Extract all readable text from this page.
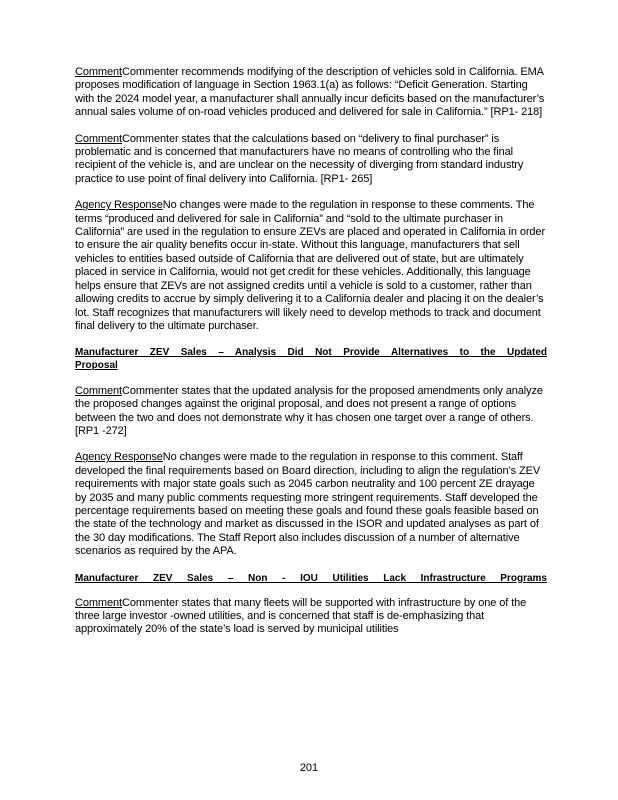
CommentCommenter recommends modifying of the description of vehicles sold in California. EMA proposes modification of language in Section 1963.1(a) as follows: “Deficit Generation. Starting with the 2024 model year, a manufacturer shall annually incur deficits based on the manufacturer’s annual sales volume of on-road vehicles produced and delivered for sale in California.” [RP1- 218]

CommentCommenter states that the calculations based on “delivery to final purchaser” is problematic and is concerned that manufacturers have no means of controlling who the final recipient of the vehicle is, and are unclear on the necessity of diverging from standard industry practice to use point of final delivery into California. [RP1- 265]

Agency ResponseNo changes were made to the regulation in response to these comments. The terms “produced and delivered for sale in California” and “sold to the ultimate purchaser in California” are used in the regulation to ensure ZEVs are placed and operated in California in order to ensure the air quality benefits occur in-state. Without this language, manufacturers that sell vehicles to entities based outside of California that are delivered out of state, but are ultimately placed in service in California, would not get credit for these vehicles. Additionally, this language helps ensure that ZEVs are not assigned credits until a vehicle is sold to a customer, rather than allowing credits to accrue by simply delivering it to a California dealer and placing it on the dealer’s lot. Staff recognizes that manufacturers will likely need to develop methods to track and document final delivery to the ultimate purchaser.

Manufacturer ZEV Sales – Analysis Did Not Provide Alternatives to the Updated
Proposal

CommentCommenter states that the updated analysis for the proposed amendments only analyze the proposed changes against the original proposal, and does not present a range of options between the two and does not demonstrate why it has chosen one target over a range of others. [RP1 -272]

Agency ResponseNo changes were made to the regulation in response to this comment. Staff developed the final requirements based on Board direction, including to align the regulation’s ZEV requirements with major state goals such as 2045 carbon neutrality and 100 percent ZE drayage by 2035 and many public comments requesting more stringent requirements. Staff developed the percentage requirements based on meeting these goals and found these goals feasible based on the state of the technology and market as discussed in the ISOR and updated analyses as part of the 30 day modifications. The Staff Report also includes discussion of a number of alternative scenarios as required by the APA.

Manufacturer ZEV Sales – Non - IOU Utilities Lack Infrastructure Programs

CommentCommenter states that many fleets will be supported with infrastructure by one of the three large investor -owned utilities, and is concerned that staff is de-emphasizing that approximately 20% of the state’s load is served by municipal utilities

201
